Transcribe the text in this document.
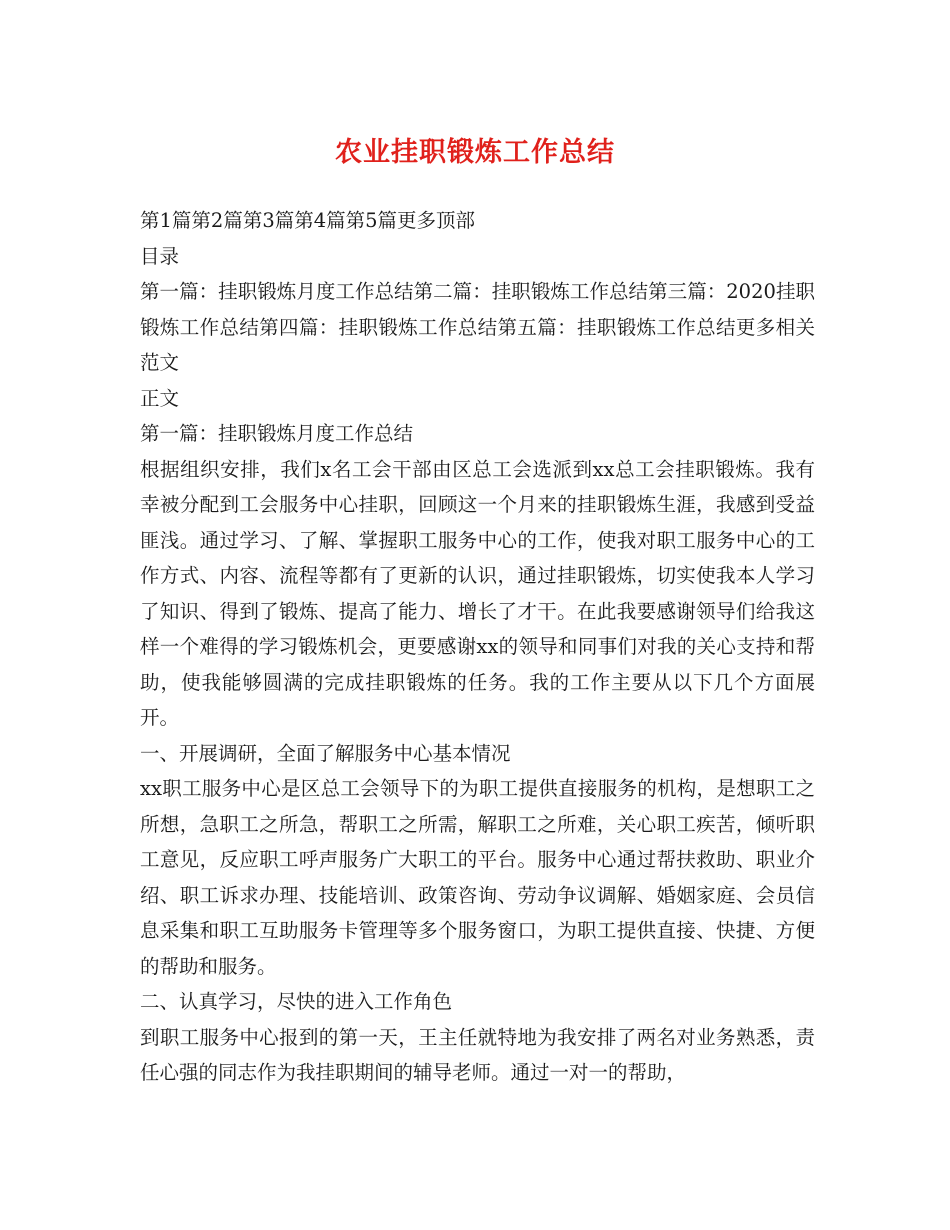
农业挂职锻炼工作总结

第1篇第2篇第3篇第4篇第5篇更多顶部

目录

第一篇：挂职锻炼月度工作总结第二篇：挂职锻炼工作总结第三篇：2020挂职锻炼工作总结第四篇：挂职锻炼工作总结第五篇：挂职锻炼工作总结更多相关范文

正文

第一篇：挂职锻炼月度工作总结

根据组织安排，我们x名工会干部由区总工会选派到xx总工会挂职锻炼。我有幸被分配到工会服务中心挂职，回顾这一个月来的挂职锻炼生涯，我感到受益匪浅。通过学习、了解、掌握职工服务中心的工作，使我对职工服务中心的工作方式、内容、流程等都有了更新的认识，通过挂职锻炼，切实使我本人学习了知识、得到了锻炼、提高了能力、增长了才干。在此我要感谢领导们给我这样一个难得的学习锻炼机会，更要感谢xx的领导和同事们对我的关心支持和帮助，使我能够圆满的完成挂职锻炼的任务。我的工作主要从以下几个方面展开。

一、开展调研，全面了解服务中心基本情况

xx职工服务中心是区总工会领导下的为职工提供直接服务的机构，是想职工之所想，急职工之所急，帮职工之所需，解职工之所难，关心职工疾苦，倾听职工意见，反应职工呼声服务广大职工的平台。服务中心通过帮扶救助、职业介绍、职工诉求办理、技能培训、政策咨询、劳动争议调解、婚姻家庭、会员信息采集和职工互助服务卡管理等多个服务窗口，为职工提供直接、快捷、方便的帮助和服务。

二、认真学习，尽快的进入工作角色

到职工服务中心报到的第一天，王主任就特地为我安排了两名对业务熟悉，责任心强的同志作为我挂职期间的辅导老师。通过一对一的帮助，
